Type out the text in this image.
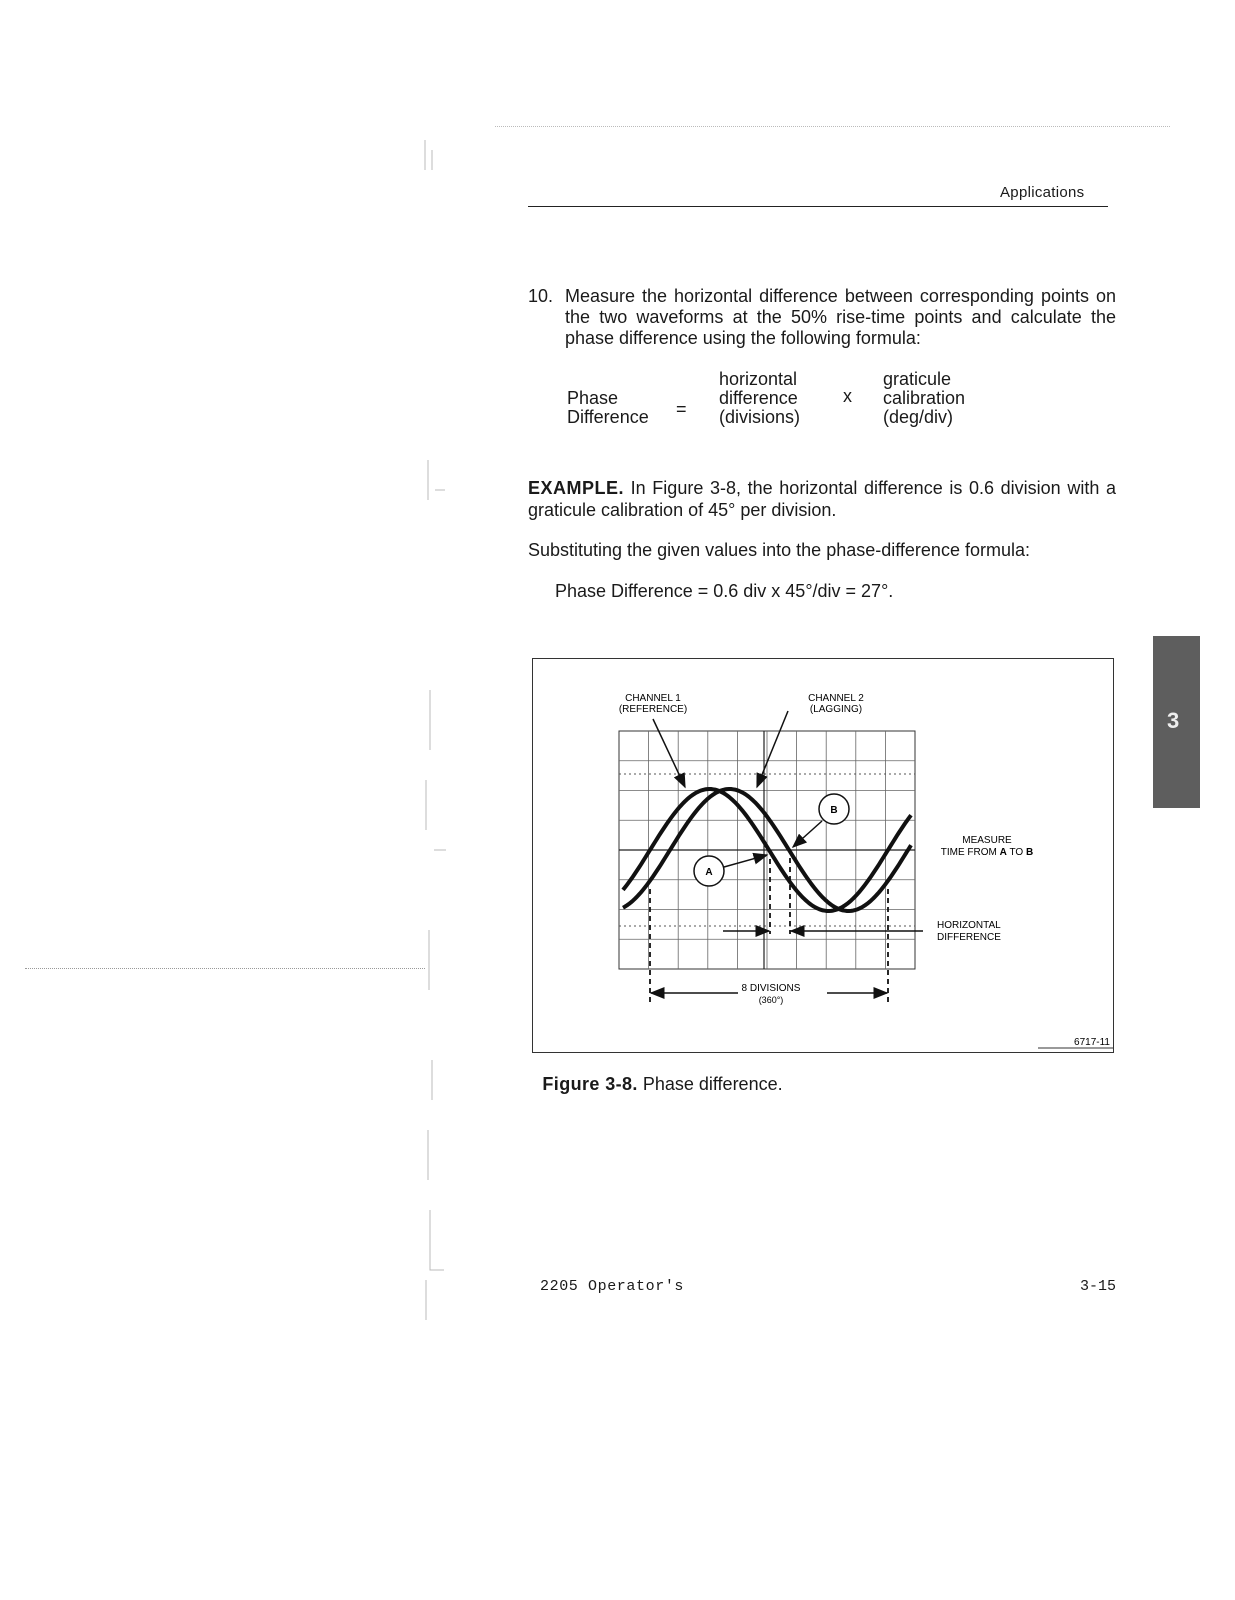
Applications
10. Measure the horizontal difference between corresponding points on the two waveforms at the 50% rise-time points and calculate the phase difference using the following formula:
Phase
Difference =
horizontal
difference
(divisions)
x
graticule
calibration
(deg/div)
EXAMPLE. In Figure 3-8, the horizontal difference is 0.6 division with a graticule calibration of 45° per division.
Substituting the given values into the phase-difference formula:
Phase Difference = 0.6 div x 45°/div = 27°.
3
A
B
CHANNEL 1
(REFERENCE)
CHANNEL 2
(LAGGING)
MEASURE
TIME FROM A TO B
HORIZONTAL
DIFFERENCE
8 DIVISIONS
(360°)
6717-11
Figure 3-8. Phase difference.
2205 Operator's	3-15
